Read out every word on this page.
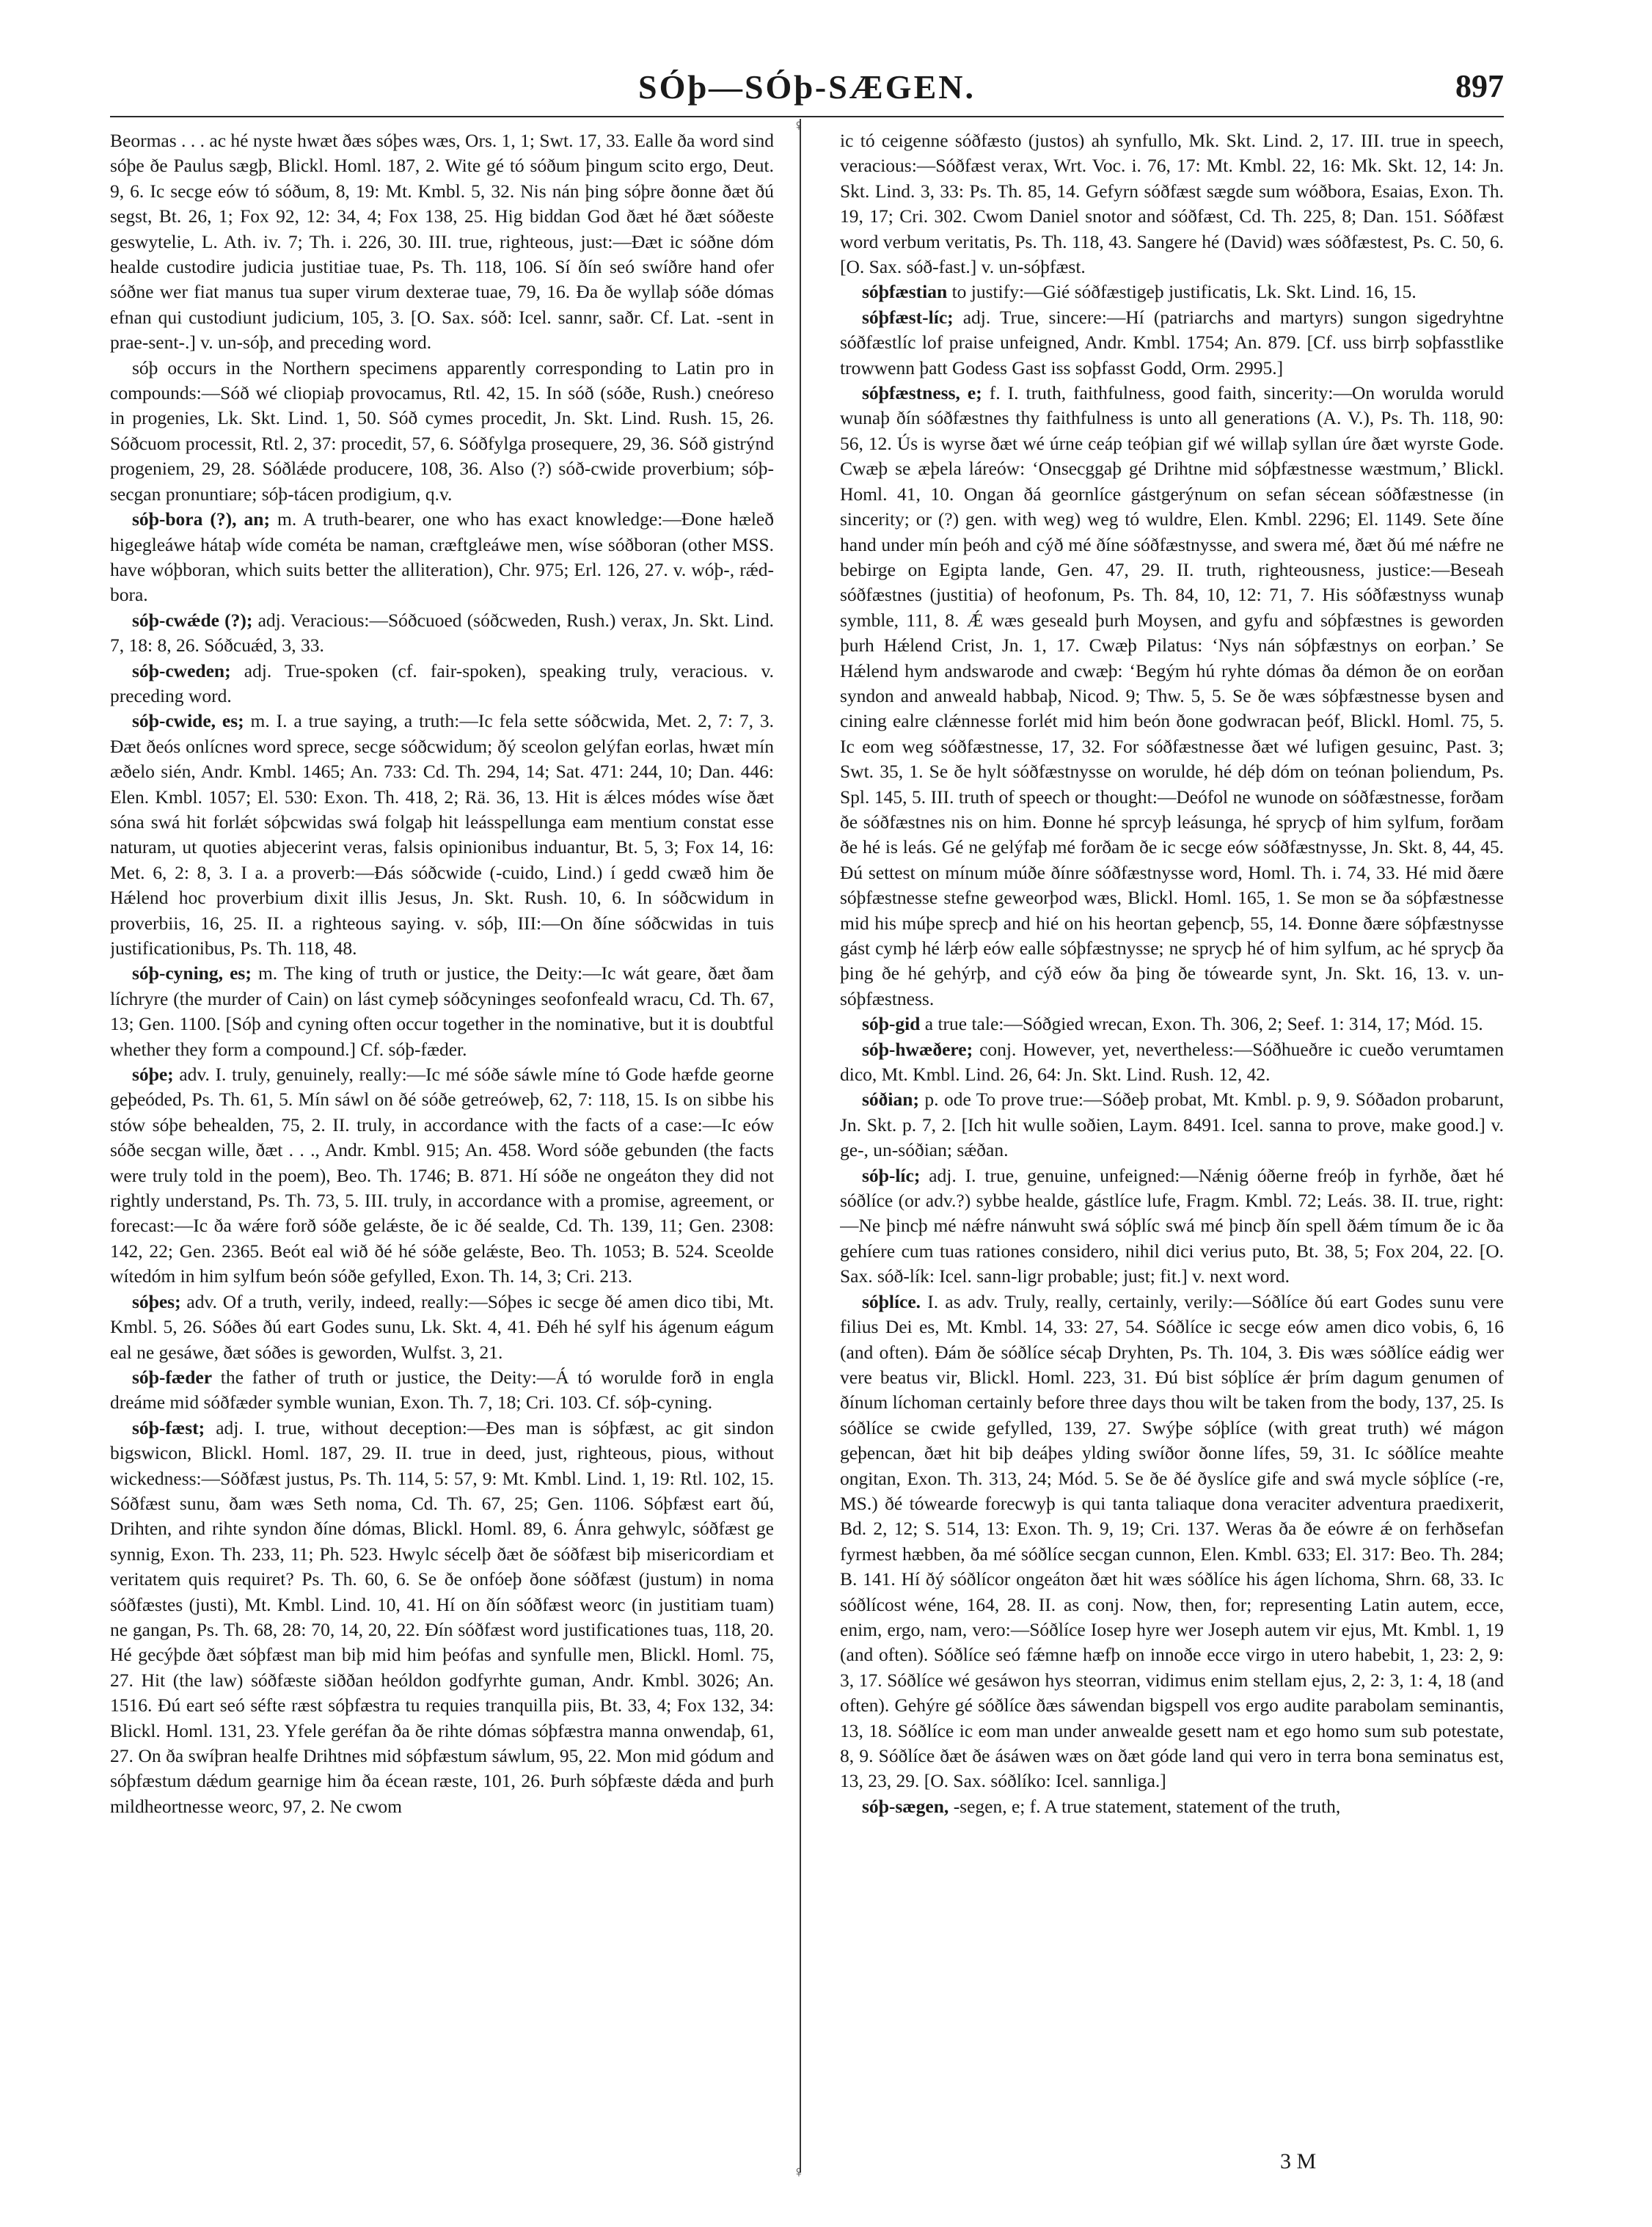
SÓþ—SÓþ-SÆGEN.	897

Beormas . . . ac hé nyste hwæt ðæs sóþes wæs, Ors. 1, 1; Swt. 17, 33. Ealle ða word sind sóþe ðe Paulus sægþ, Blickl. Homl. 187, 2. Wite gé tó sóðum þingum scito ergo, Deut. 9, 6. Ic secge eów tó sóðum, 8, 19: Mt. Kmbl. 5, 32. Nis nán þing sóþre ðonne ðæt ðú segst, Bt. 26, 1; Fox 92, 12: 34, 4; Fox 138, 25. Hig biddan God ðæt hé ðæt sóðeste geswytelie, L. Ath. iv. 7; Th. i. 226, 30. III. true, righteous, just:—Ðæt ic sóðne dóm healde custodire judicia justitiae tuae, Ps. Th. 118, 106. Sí ðín seó swíðre hand ofer sóðne wer fiat manus tua super virum dexterae tuae, 79, 16. Ða ðe wyllaþ sóðe dómas efnan qui custodiunt judicium, 105, 3. [O. Sax. sóð: Icel. sannr, saðr. Cf. Lat. -sent in prae-sent-.] v. un-sóþ, and preceding word.

sóþ occurs in the Northern specimens apparently corresponding to Latin pro in compounds:—Sóð wé cliopiaþ provocamus, Rtl. 42, 15. In sóð (sóðe, Rush.) cneóreso in progenies, Lk. Skt. Lind. 1, 50. Sóð cymes procedit, Jn. Skt. Lind. Rush. 15, 26. Sóðcuom processit, Rtl. 2, 37: procedit, 57, 6. Sóðfylga prosequere, 29, 36. Sóð gistrýnd progeniem, 29, 28. Sóðlǽde producere, 108, 36. Also (?) sóð-cwide proverbium; sóþ-secgan pronuntiare; sóþ-tácen prodigium, q.v.

sóþ-bora (?), an; m. A truth-bearer, one who has exact knowledge:—Ðone hæleð higegleáwe hátaþ wíde cométa be naman, cræftgleáwe men, wíse sóðboran (other MSS. have wóþboran, which suits better the alliteration), Chr. 975; Erl. 126, 27. v. wóþ-, rǽd-bora.

sóþ-cwǽde (?); adj. Veracious:—Sóðcuoed (sóðcweden, Rush.) verax, Jn. Skt. Lind. 7, 18: 8, 26. Sóðcuǽd, 3, 33.

sóþ-cweden; adj. True-spoken (cf. fair-spoken), speaking truly, veracious. v. preceding word.

sóþ-cwide, es; m. I. a true saying, a truth:—Ic fela sette sóðcwida, Met. 2, 7: 7, 3. Ðæt ðeós onlícnes word sprece, secge sóðcwidum; ðý sceolon gelýfan eorlas, hwæt mín æðelo sién, Andr. Kmbl. 1465; An. 733: Cd. Th. 294, 14; Sat. 471: 244, 10; Dan. 446: Elen. Kmbl. 1057; El. 530: Exon. Th. 418, 2; Rä. 36, 13. Hit is ǽlces módes wíse ðæt sóna swá hit forlǽt sóþcwidas swá folgaþ hit leásspellunga eam mentium constat esse naturam, ut quoties abjecerint veras, falsis opinionibus induantur, Bt. 5, 3; Fox 14, 16: Met. 6, 2: 8, 3. I a. a proverb:—Ðás sóðcwide (-cuido, Lind.) í gedd cwæð him ðe Hǽlend hoc proverbium dixit illis Jesus, Jn. Skt. Rush. 10, 6. In sóðcwidum in proverbiis, 16, 25. II. a righteous saying. v. sóþ, III:—On ðíne sóðcwidas in tuis justificationibus, Ps. Th. 118, 48.

sóþ-cyning, es; m. The king of truth or justice, the Deity:—Ic wát geare, ðæt ðam líchryre (the murder of Cain) on lást cymeþ sóðcyninges seofonfeald wracu, Cd. Th. 67, 13; Gen. 1100. [Sóþ and cyning often occur together in the nominative, but it is doubtful whether they form a compound.] Cf. sóþ-fæder.

sóþe; adv. I. truly, genuinely, really:—Ic mé sóðe sáwle míne tó Gode hæfde georne geþeóded, Ps. Th. 61, 5. Mín sáwl on ðé sóðe getreóweþ, 62, 7: 118, 15. Is on sibbe his stów sóþe behealden, 75, 2. II. truly, in accordance with the facts of a case:—Ic eów sóðe secgan wille, ðæt . . ., Andr. Kmbl. 915; An. 458. Word sóðe gebunden (the facts were truly told in the poem), Beo. Th. 1746; B. 871. Hí sóðe ne ongeáton they did not rightly understand, Ps. Th. 73, 5. III. truly, in accordance with a promise, agreement, or forecast:—Ic ða wǽre forð sóðe gelǽste, ðe ic ðé sealde, Cd. Th. 139, 11; Gen. 2308: 142, 22; Gen. 2365. Beót eal wið ðé hé sóðe gelǽste, Beo. Th. 1053; B. 524. Sceolde wítedóm in him sylfum beón sóðe gefylled, Exon. Th. 14, 3; Cri. 213.

sóþes; adv. Of a truth, verily, indeed, really:—Sóþes ic secge ðé amen dico tibi, Mt. Kmbl. 5, 26. Sóðes ðú eart Godes sunu, Lk. Skt. 4, 41. Ðéh hé sylf his ágenum eágum eal ne gesáwe, ðæt sóðes is geworden, Wulfst. 3, 21.

sóþ-fæder the father of truth or justice, the Deity:—Á tó worulde forð in engla dreáme mid sóðfæder symble wunian, Exon. Th. 7, 18; Cri. 103. Cf. sóþ-cyning.

sóþ-fæst; adj. I. true, without deception:—Ðes man is sóþfæst, ac git sindon bigswicon, Blickl. Homl. 187, 29. II. true in deed, just, righteous, pious, without wickedness:—Sóðfæst justus, Ps. Th. 114, 5: 57, 9: Mt. Kmbl. Lind. 1, 19: Rtl. 102, 15. Sóðfæst sunu, ðam wæs Seth noma, Cd. Th. 67, 25; Gen. 1106. Sóþfæst eart ðú, Drihten, and rihte syndon ðíne dómas, Blickl. Homl. 89, 6. Ánra gehwylc, sóðfæst ge synnig, Exon. Th. 233, 11; Ph. 523. Hwylc sécelþ ðæt ðe sóðfæst biþ misericordiam et veritatem quis requiret? Ps. Th. 60, 6. Se ðe onfóeþ ðone sóðfæst (justum) in noma sóðfæstes (justi), Mt. Kmbl. Lind. 10, 41. Hí on ðín sóðfæst weorc (in justitiam tuam) ne gangan, Ps. Th. 68, 28: 70, 14, 20, 22. Ðín sóðfæst word justificationes tuas, 118, 20. Hé gecýþde ðæt sóþfæst man biþ mid him þeófas and synfulle men, Blickl. Homl. 75, 27. Hit (the law) sóðfæste siððan heóldon godfyrhte guman, Andr. Kmbl. 3026; An. 1516. Ðú eart seó séfte ræst sóþfæstra tu requies tranquilla piis, Bt. 33, 4; Fox 132, 34: Blickl. Homl. 131, 23. Yfele geréfan ða ðe rihte dómas sóþfæstra manna onwendaþ, 61, 27. On ða swíþran healfe Drihtnes mid sóþfæstum sáwlum, 95, 22. Mon mid gódum and sóþfæstum dǽdum gearnige him ða écean ræste, 101, 26. Þurh sóþfæste dǽda and þurh mildheortnesse weorc, 97, 2. Ne cwom

♀
♀

ic tó ceigenne sóðfæsto (justos) ah synfullo, Mk. Skt. Lind. 2, 17. III. true in speech, veracious:—Sóðfæst verax, Wrt. Voc. i. 76, 17: Mt. Kmbl. 22, 16: Mk. Skt. 12, 14: Jn. Skt. Lind. 3, 33: Ps. Th. 85, 14. Gefyrn sóðfæst sægde sum wóðbora, Esaias, Exon. Th. 19, 17; Cri. 302. Cwom Daniel snotor and sóðfæst, Cd. Th. 225, 8; Dan. 151. Sóðfæst word verbum veritatis, Ps. Th. 118, 43. Sangere hé (David) wæs sóðfæstest, Ps. C. 50, 6. [O. Sax. sóð-fast.] v. un-sóþfæst.

sóþfæstian to justify:—Gié sóðfæstigeþ justificatis, Lk. Skt. Lind. 16, 15.

sóþfæst-líc; adj. True, sincere:—Hí (patriarchs and martyrs) sungon sigedryhtne sóðfæstlíc lof praise unfeigned, Andr. Kmbl. 1754; An. 879. [Cf. uss birrþ soþfasstlike trowwenn þatt Godess Gast iss soþfasst Godd, Orm. 2995.]

sóþfæstness, e; f. I. truth, faithfulness, good faith, sincerity:—On worulda woruld wunaþ ðín sóðfæstnes thy faithfulness is unto all generations (A. V.), Ps. Th. 118, 90: 56, 12. Ús is wyrse ðæt wé úrne ceáp teóþian gif wé willaþ syllan úre ðæt wyrste Gode. Cwæþ se æþela láreów: ‘Onsecggaþ gé Drihtne mid sóþfæstnesse wæstmum,’ Blickl. Homl. 41, 10. Ongan ðá geornlíce gástgerýnum on sefan sécean sóðfæstnesse (in sincerity; or (?) gen. with weg) weg tó wuldre, Elen. Kmbl. 2296; El. 1149. Sete ðíne hand under mín þeóh and cýð mé ðíne sóðfæstnysse, and swera mé, ðæt ðú mé nǽfre ne bebirge on Egipta lande, Gen. 47, 29. II. truth, righteousness, justice:—Beseah sóðfæstnes (justitia) of heofonum, Ps. Th. 84, 10, 12: 71, 7. His sóðfæstnyss wunaþ symble, 111, 8. Ǽ wæs geseald þurh Moysen, and gyfu and sóþfæstnes is geworden þurh Hǽlend Crist, Jn. 1, 17. Cwæþ Pilatus: ‘Nys nán sóþfæstnys on eorþan.’ Se Hǽlend hym andswarode and cwæþ: ‘Begým hú ryhte dómas ða démon ðe on eorðan syndon and anweald habbaþ, Nicod. 9; Thw. 5, 5. Se ðe wæs sóþfæstnesse bysen and cining ealre clǽnnesse forlét mid him beón ðone godwracan þeóf, Blickl. Homl. 75, 5. Ic eom weg sóðfæstnesse, 17, 32. For sóðfæstnesse ðæt wé lufigen gesuinc, Past. 3; Swt. 35, 1. Se ðe hylt sóðfæstnysse on worulde, hé déþ dóm on teónan þoliendum, Ps. Spl. 145, 5. III. truth of speech or thought:—Deófol ne wunode on sóðfæstnesse, forðam ðe sóðfæstnes nis on him. Ðonne hé sprcyþ leásunga, hé sprycþ of him sylfum, forðam ðe hé is leás. Gé ne gelýfaþ mé forðam ðe ic secge eów sóðfæstnysse, Jn. Skt. 8, 44, 45. Ðú settest on mínum múðe ðínre sóðfæstnysse word, Homl. Th. i. 74, 33. Hé mid ðære sóþfæstnesse stefne geweorþod wæs, Blickl. Homl. 165, 1. Se mon se ða sóþfæstnesse mid his múþe sprecþ and hié on his heortan geþencþ, 55, 14. Ðonne ðære sóþfæstnysse gást cymþ hé lǽrþ eów ealle sóþfæstnysse; ne sprycþ hé of him sylfum, ac hé sprycþ ða þing ðe hé gehýrþ, and cýð eów ða þing ðe tówearde synt, Jn. Skt. 16, 13. v. un-sóþfæstness.

sóþ-gid a true tale:—Sóðgied wrecan, Exon. Th. 306, 2; Seef. 1: 314, 17; Mód. 15.

sóþ-hwæðere; conj. However, yet, nevertheless:—Sóðhueðre ic cueðo verumtamen dico, Mt. Kmbl. Lind. 26, 64: Jn. Skt. Lind. Rush. 12, 42.

sóðian; p. ode To prove true:—Sóðeþ probat, Mt. Kmbl. p. 9, 9. Sóðadon probarunt, Jn. Skt. p. 7, 2. [Ich hit wulle soðien, Laym. 8491. Icel. sanna to prove, make good.] v. ge-, un-sóðian; sǽðan.

sóþ-líc; adj. I. true, genuine, unfeigned:—Nǽnig óðerne freóþ in fyrhðe, ðæt hé sóðlíce (or adv.?) sybbe healde, gástlíce lufe, Fragm. Kmbl. 72; Leás. 38. II. true, right:—Ne þincþ mé nǽfre nánwuht swá sóþlíc swá mé þincþ ðín spell ðǽm tímum ðe ic ða gehíere cum tuas rationes considero, nihil dici verius puto, Bt. 38, 5; Fox 204, 22. [O. Sax. sóð-lík: Icel. sann-ligr probable; just; fit.] v. next word.

sóþlíce. I. as adv. Truly, really, certainly, verily:—Sóðlíce ðú eart Godes sunu vere filius Dei es, Mt. Kmbl. 14, 33: 27, 54. Sóðlíce ic secge eów amen dico vobis, 6, 16 (and often). Ðám ðe sóðlíce sécaþ Dryhten, Ps. Th. 104, 3. Ðis wæs sóðlíce eádig wer vere beatus vir, Blickl. Homl. 223, 31. Ðú bist sóþlíce ǽr þrím dagum genumen of ðínum líchoman certainly before three days thou wilt be taken from the body, 137, 25. Is sóðlíce se cwide gefylled, 139, 27. Swýþe sóþlíce (with great truth) wé mágon geþencan, ðæt hit biþ deáþes ylding swíðor ðonne lífes, 59, 31. Ic sóðlíce meahte ongitan, Exon. Th. 313, 24; Mód. 5. Se ðe ðé ðyslíce gife and swá mycle sóþlíce (-re, MS.) ðé tówearde forecwyþ is qui tanta taliaque dona veraciter adventura praedixerit, Bd. 2, 12; S. 514, 13: Exon. Th. 9, 19; Cri. 137. Weras ða ðe eówre ǽ on ferhðsefan fyrmest hæbben, ða mé sóðlíce secgan cunnon, Elen. Kmbl. 633; El. 317: Beo. Th. 284; B. 141. Hí ðý sóðlícor ongeáton ðæt hit wæs sóðlíce his ágen líchoma, Shrn. 68, 33. Ic sóðlícost wéne, 164, 28. II. as conj. Now, then, for; representing Latin autem, ecce, enim, ergo, nam, vero:—Sóðlíce Iosep hyre wer Joseph autem vir ejus, Mt. Kmbl. 1, 19 (and often). Sóðlíce seó fǽmne hæfþ on innoðe ecce virgo in utero habebit, 1, 23: 2, 9: 3, 17. Sóðlíce wé gesáwon hys steorran, vidimus enim stellam ejus, 2, 2: 3, 1: 4, 18 (and often). Gehýre gé sóðlíce ðæs sáwendan bigspell vos ergo audite parabolam seminantis, 13, 18. Sóðlíce ic eom man under anwealde gesett nam et ego homo sum sub potestate, 8, 9. Sóðlíce ðæt ðe ásáwen wæs on ðæt góde land qui vero in terra bona seminatus est, 13, 23, 29. [O. Sax. sóðlíko: Icel. sannliga.]

sóþ-sægen, -segen, e; f. A true statement, statement of the truth,

3 M
